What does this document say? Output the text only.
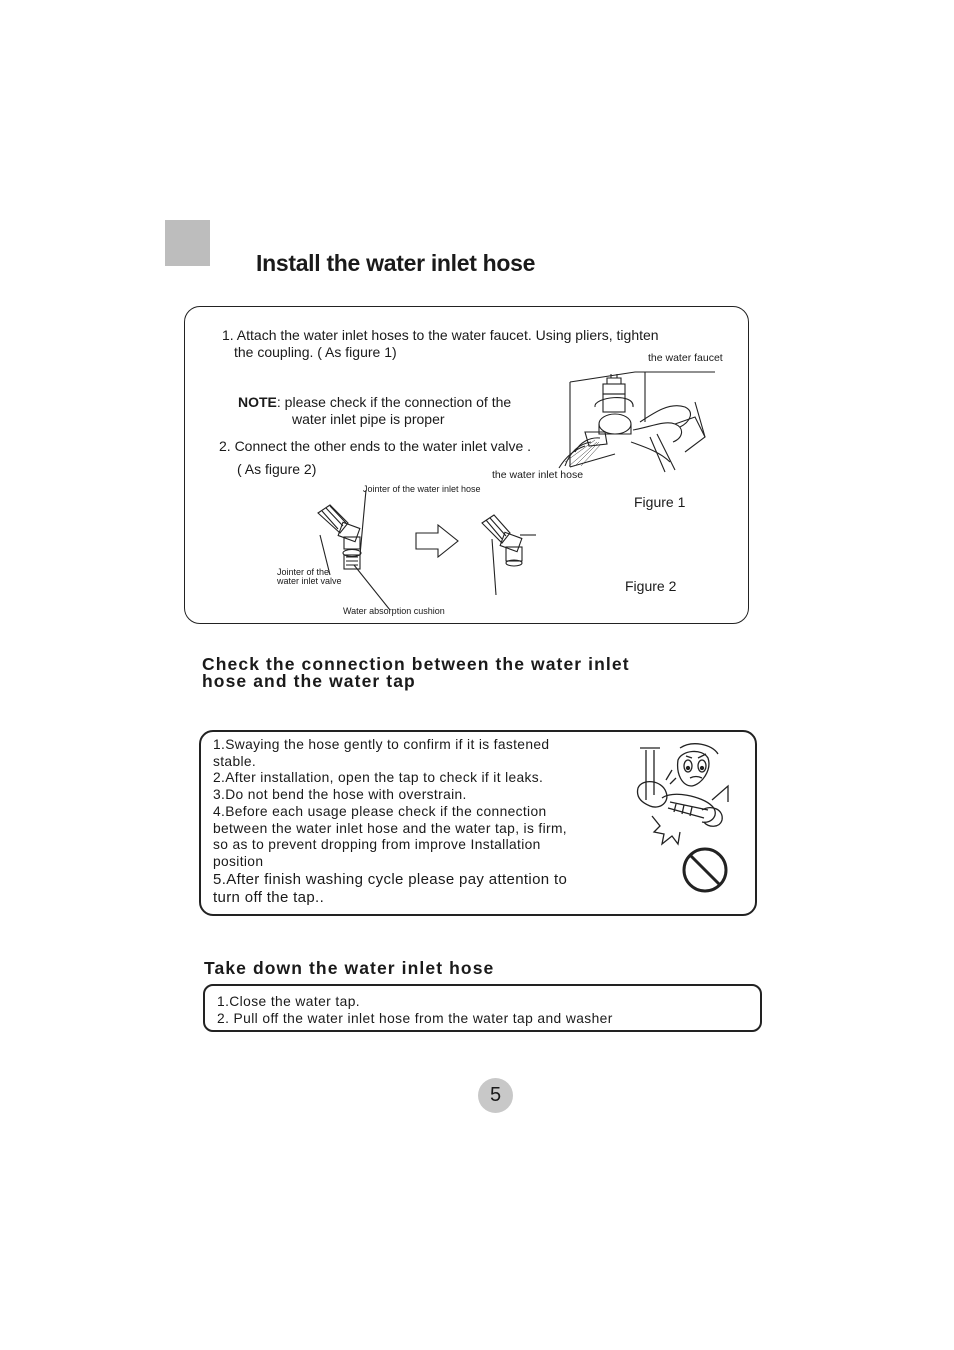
Install the water inlet hose
1. Attach the water inlet hoses to the water faucet. Using pliers, tighten
the coupling. ( As figure 1)
NOTE: please check if the connection of the
water inlet pipe is proper
2. Connect the other ends to the water inlet valve .
( As figure 2)
the water faucet
the water inlet hose
Figure 1
Jointer of the water inlet hose
Jointer of the
water inlet valve
Water absorption cushion
Figure 2
Check the connection between the water inlet
hose and the water tap
1.Swaying the hose gently to confirm if it is fastened
stable.
2.After installation, open the tap to check if it leaks.
3.Do not bend the hose with overstrain.
4.Before each usage please check if the connection
between the water inlet hose and the water tap, is firm,
so as to prevent dropping from improve Installation
position
5.After finish washing cycle please pay attention to
turn off the tap..
Take down the water inlet hose
1.Close the water tap.
2. Pull off the water inlet hose from the water tap and washer
5
